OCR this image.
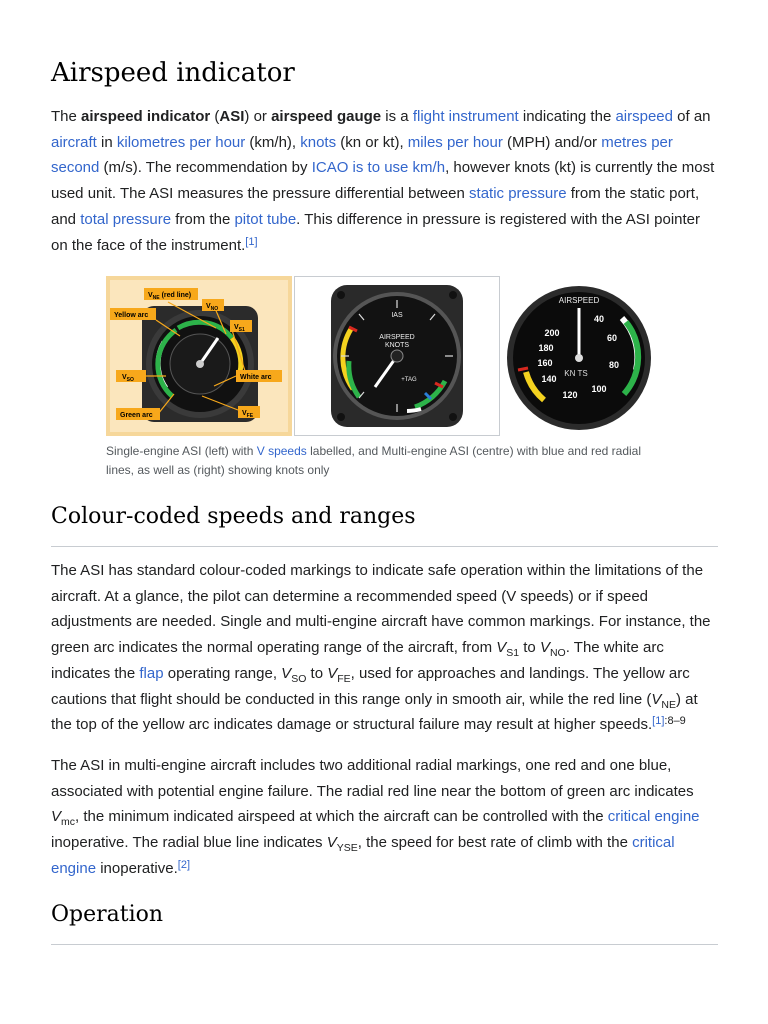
Airspeed indicator

The airspeed indicator (ASI) or airspeed gauge is a flight instrument indicating the airspeed of an aircraft in kilometres per hour (km/h), knots (kn or kt), miles per hour (MPH) and/or metres per second (m/s). The recommendation by ICAO is to use km/h, however knots (kt) is currently the most used unit. The ASI measures the pressure differential between static pressure from the static port, and total pressure from the pitot tube. This difference in pressure is registered with the ASI pointer on the face of the instrument.[1]

$V_{NE}$ (red line)
$V_{NO}$
Yellow arc
$V_{S1}$
$V_{SO}$	White arc
Green arc	$V_{FE}$
IAS
AIRSPEED
KNOTS
+TAG
AIRSPEED
40
60
80
100
120
140
160
180
200
KN TS

Single-engine ASI (left) with V speeds labelled, and Multi-engine ASI (centre) with blue and red radial lines, as well as (right) showing knots only

Colour-coded speeds and ranges

The ASI has standard colour-coded markings to indicate safe operation within the limitations of the aircraft. At a glance, the pilot can determine a recommended speed (V speeds) or if speed adjustments are needed. Single and multi-engine aircraft have common markings. For instance, the green arc indicates the normal operating range of the aircraft, from $V_{S1}$ to $V_{NO}$. The white arc indicates the flap operating range, $V_{SO}$ to $V_{FE}$, used for approaches and landings. The yellow arc cautions that flight should be conducted in this range only in smooth air, while the red line $(V_{NE})$ at the top of the yellow arc indicates damage or structural failure may result at higher speeds.$^{[1]:8-9}$

The ASI in multi-engine aircraft includes two additional radial markings, one red and one blue, associated with potential engine failure. The radial red line near the bottom of green arc indicates $V_{mc}$, the minimum indicated airspeed at which the aircraft can be controlled with the critical engine inoperative. The radial blue line indicates $V_{YSE}$, the speed for best rate of climb with the critical engine inoperative.[2]

Operation
